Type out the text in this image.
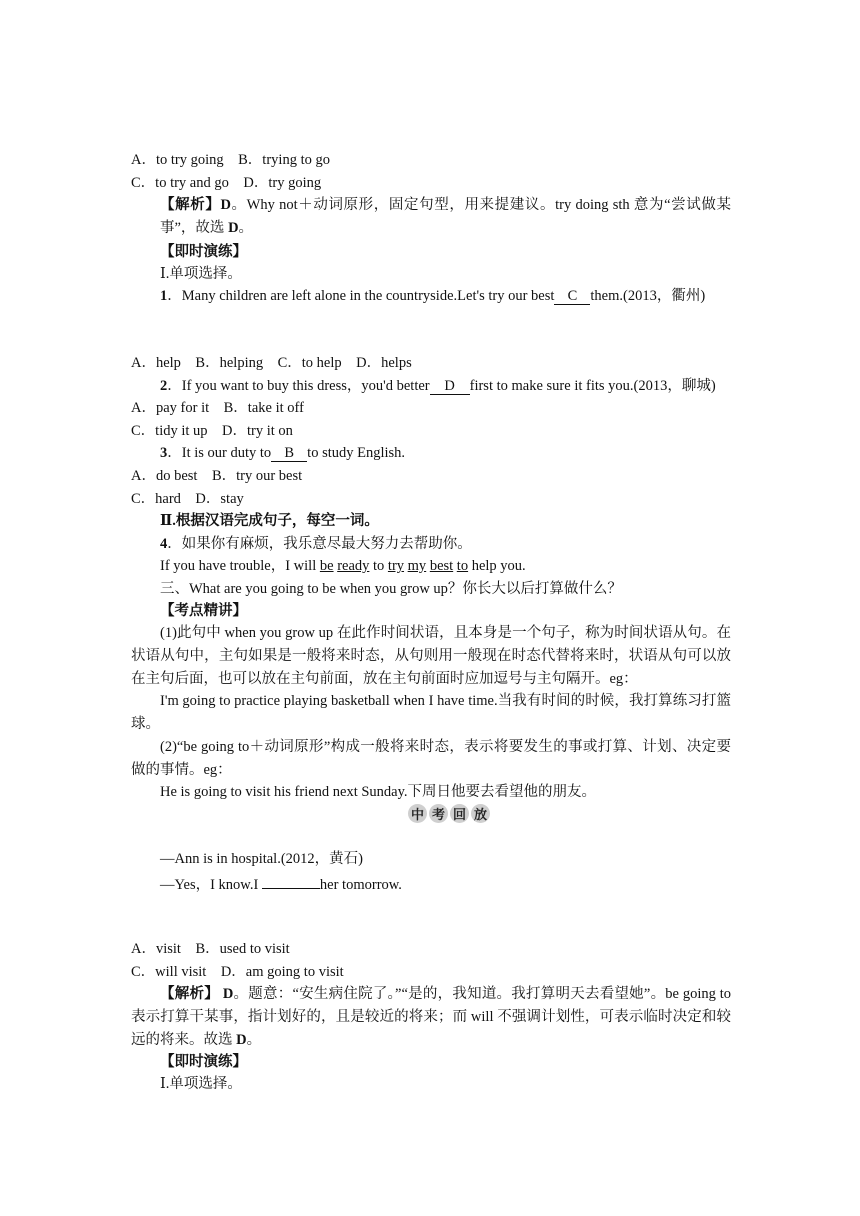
A．to try going　B．trying to go
C．to try and go　D．try going
【解析】D。Why not＋动词原形，固定句型，用来提建议。try doing sth 意为“尝试做某事”，故选 D。
【即时演练】
Ⅰ.单项选择。
1．Many children are left alone in the countryside.Let's try our best C them.(2013，衢州)
A．help　B．helping　C．to help　D．helps
2．If you want to buy this dress，you'd better D first to make sure it fits you.(2013，聊城)
A．pay for it　B．take it off
C．tidy it up　D．try it on
3．It is our duty to B to study English.
A．do best　B．try our best
C．hard　D．stay
Ⅱ.根据汉语完成句子，每空一词。
4．如果你有麻烦，我乐意尽最大努力去帮助你。
If you have trouble，I will be ready to try my best to help you.
三、What are you going to be when you grow up？你长大以后打算做什么？
【考点精讲】
(1)此句中 when you grow up 在此作时间状语，且本身是一个句子，称为时间状语从句。在状语从句中，主句如果是一般将来时态，从句则用一般现在时态代替将来时，状语从句可以放在主句后面，也可以放在主句前面，放在主句前面时应加逗号与主句隔开。eg：
I'm going to practice playing basketball when I have time.当我有时间的时候，我打算练习打篮球。
(2)“be going to＋动词原形”构成一般将来时态，表示将要发生的事或打算、计划、决定要做的事情。eg：
He is going to visit his friend next Sunday.下周日他要去看望他的朋友。
中 考 回 放
—Ann is in hospital.(2012，黄石)
—Yes，I know.I	her tomorrow.
A．visit　B．used to visit
C．will visit　D．am going to visit
【解析】 D。题意：“安生病住院了。”“是的，我知道。我打算明天去看望她”。be going to 表示打算干某事，指计划好的，且是较近的将来；而 will 不强调计划性，可表示临时决定和较远的将来。故选 D。
【即时演练】
Ⅰ.单项选择。
